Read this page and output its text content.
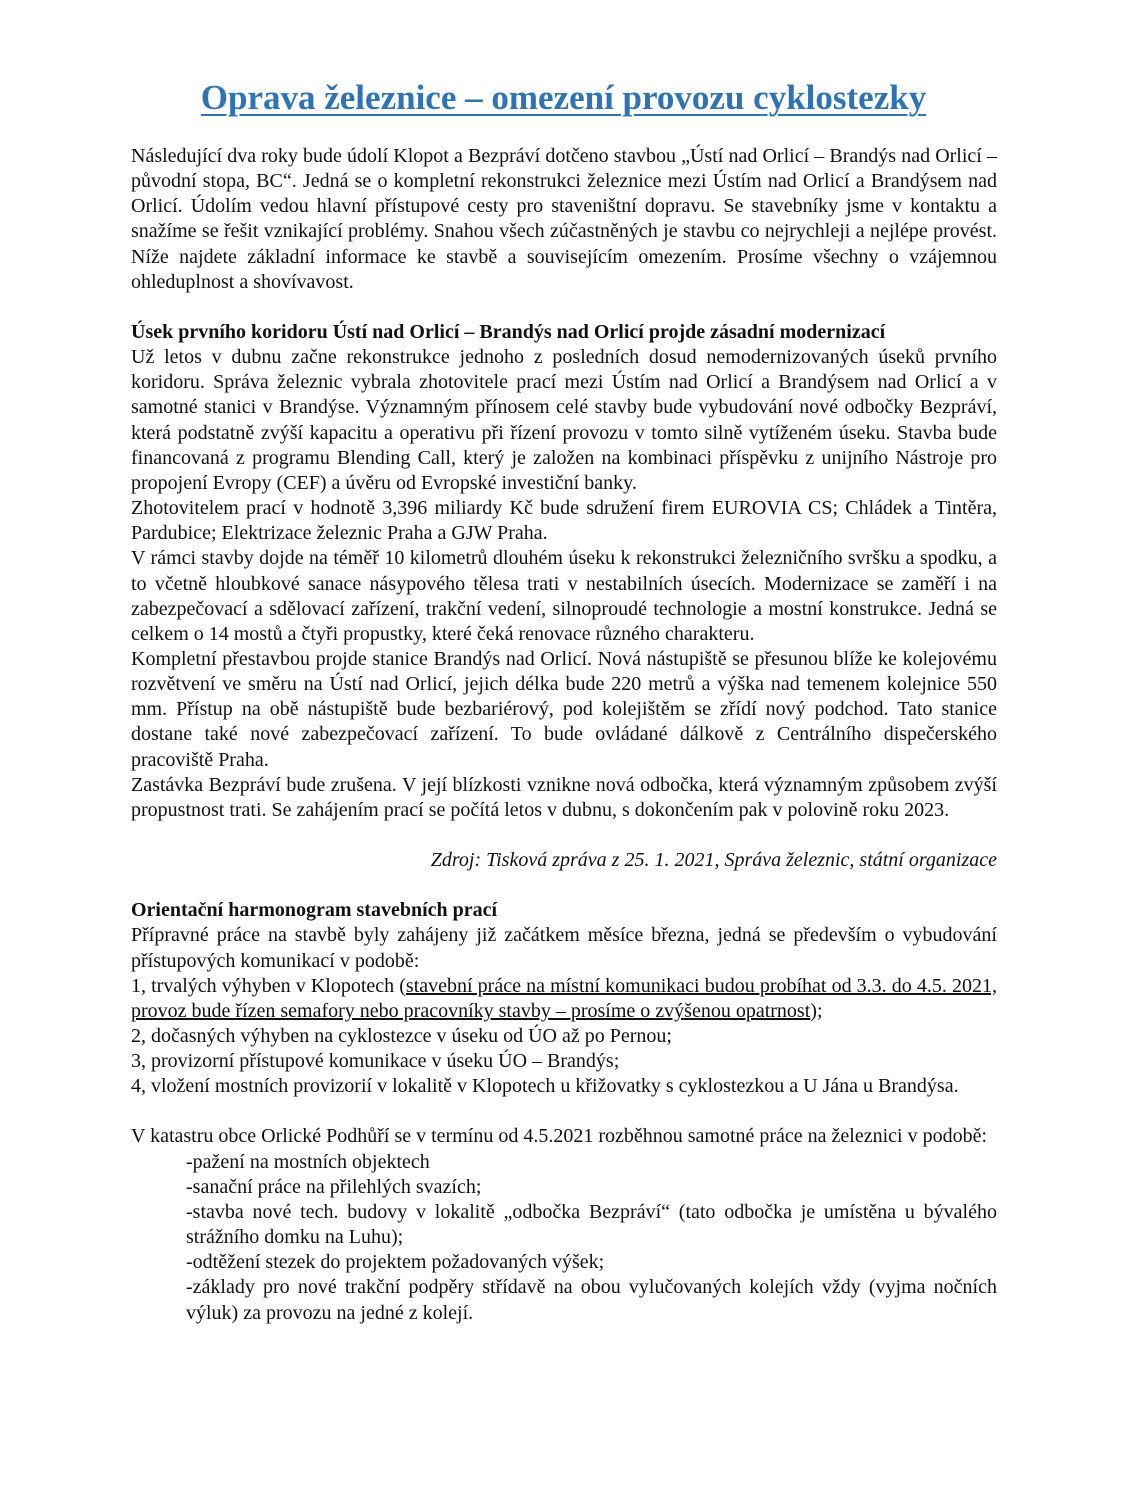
Oprava železnice – omezení provozu cyklostezky

Následující dva roky bude údolí Klopot a Bezpráví dotčeno stavbou „Ústí nad Orlicí – Brandýs nad Orlicí – původní stopa, BC“. Jedná se o kompletní rekonstrukci železnice mezi Ústím nad Orlicí a Brandýsem nad Orlicí. Údolím vedou hlavní přístupové cesty pro staveništní dopravu. Se stavebníky jsme v kontaktu a snažíme se řešit vznikající problémy. Snahou všech zúčastněných je stavbu co nejrychleji a nejlépe provést. Níže najdete základní informace ke stavbě a souvisejícím omezením. Prosíme všechny o vzájemnou ohleduplnost a shovívavost.

Úsek prvního koridoru Ústí nad Orlicí – Brandýs nad Orlicí projde zásadní modernizací

Už letos v dubnu začne rekonstrukce jednoho z posledních dosud nemodernizovaných úseků prvního koridoru. Správa železnic vybrala zhotovitele prací mezi Ústím nad Orlicí a Brandýsem nad Orlicí a v samotné stanici v Brandýse. Významným přínosem celé stavby bude vybudování nové odbočky Bezpráví, která podstatně zvýší kapacitu a operativu při řízení provozu v tomto silně vytíženém úseku. Stavba bude financovaná z programu Blending Call, který je založen na kombinaci příspěvku z unijního Nástroje pro propojení Evropy (CEF) a úvěru od Evropské investiční banky.

Zhotovitelem prací v hodnotě 3,396 miliardy Kč bude sdružení firem EUROVIA CS; Chládek a Tintěra, Pardubice; Elektrizace železnic Praha a GJW Praha.

V rámci stavby dojde na téměř 10 kilometrů dlouhém úseku k rekonstrukci železničního svršku a spodku, a to včetně hloubkové sanace násypového tělesa trati v nestabilních úsecích. Modernizace se zaměří i na zabezpečovací a sdělovací zařízení, trakční vedení, silnoproudé technologie a mostní konstrukce. Jedná se celkem o 14 mostů a čtyři propustky, které čeká renovace různého charakteru.

Kompletní přestavbou projde stanice Brandýs nad Orlicí. Nová nástupiště se přesunou blíže ke kolejovému rozvětvení ve směru na Ústí nad Orlicí, jejich délka bude 220 metrů a výška nad temenem kolejnice 550 mm. Přístup na obě nástupiště bude bezbariérový, pod kolejištěm se zřídí nový podchod. Tato stanice dostane také nové zabezpečovací zařízení. To bude ovládané dálkově z Centrálního dispečerského pracoviště Praha.

Zastávka Bezpráví bude zrušena. V její blízkosti vznikne nová odbočka, která významným způsobem zvýší propustnost trati. Se zahájením prací se počítá letos v dubnu, s dokončením pak v polovině roku 2023.

Zdroj: Tisková zpráva z 25. 1. 2021, Správa železnic, státní organizace

Orientační harmonogram stavebních prací

Přípravné práce na stavbě byly zahájeny již začátkem měsíce března, jedná se především o vybudování přístupových komunikací v podobě:

1, trvalých výhyben v Klopotech (stavební práce na místní komunikaci budou probíhat od 3.3. do 4.5. 2021, provoz bude řízen semafory nebo pracovníky stavby – prosíme o zvýšenou opatrnost);

2, dočasných výhyben na cyklostezce v úseku od ÚO až po Pernou;

3, provizorní přístupové komunikace v úseku ÚO – Brandýs;

4, vložení mostních provizorií v lokalitě v Klopotech u křižovatky s cyklostezkou a U Jána u Brandýsa.

V katastru obce Orlické Podhůří se v termínu od 4.5.2021 rozběhnou samotné práce na železnici v podobě:

-pažení na mostních objektech

-sanační práce na přilehlých svazích;

-stavba nové tech. budovy v lokalitě „odbočka Bezpráví“ (tato odbočka je umístěna u bývalého strážního domku na Luhu);

-odtěžení stezek do projektem požadovaných výšek;

-základy pro nové trakční podpěry střídavě na obou vylučovaných kolejích vždy (vyjma nočních výluk) za provozu na jedné z kolejí.
